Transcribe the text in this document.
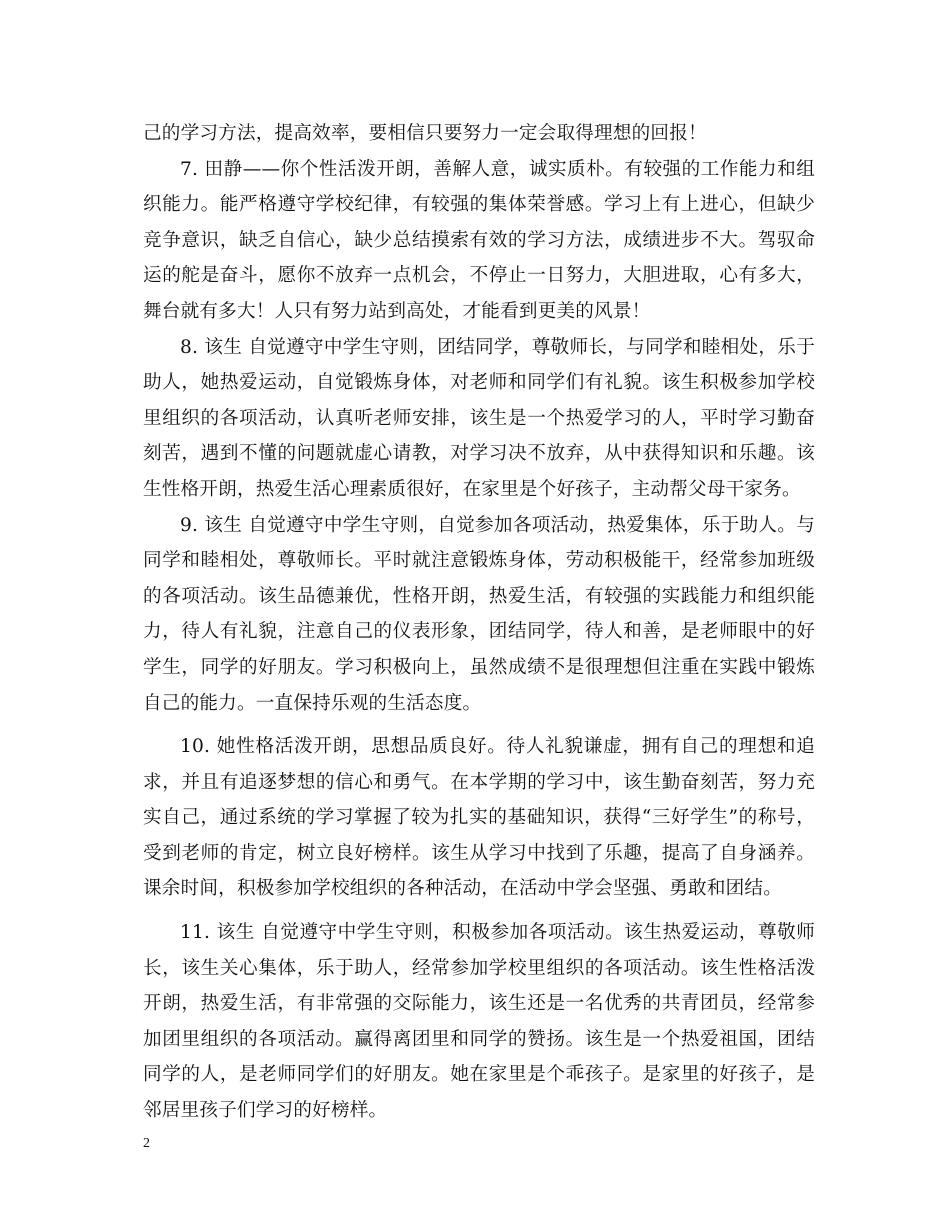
己的学习方法，提高效率，要相信只要努力一定会取得理想的回报！

7. 田静——你个性活泼开朗，善解人意，诚实质朴。有较强的工作能力和组织能力。能严格遵守学校纪律，有较强的集体荣誉感。学习上有上进心，但缺少竞争意识，缺乏自信心，缺少总结摸索有效的学习方法，成绩进步不大。驾驭命运的舵是奋斗，愿你不放弃一点机会，不停止一日努力，大胆进取，心有多大，舞台就有多大！人只有努力站到高处，才能看到更美的风景！

8. 该生 自觉遵守中学生守则，团结同学，尊敬师长，与同学和睦相处，乐于助人，她热爱运动，自觉锻炼身体，对老师和同学们有礼貌。该生积极参加学校里组织的各项活动，认真听老师安排，该生是一个热爱学习的人，平时学习勤奋刻苦，遇到不懂的问题就虚心请教，对学习决不放弃，从中获得知识和乐趣。该生性格开朗，热爱生活心理素质很好，在家里是个好孩子，主动帮父母干家务。

9. 该生 自觉遵守中学生守则，自觉参加各项活动，热爱集体，乐于助人。与同学和睦相处，尊敬师长。平时就注意锻炼身体，劳动积极能干，经常参加班级的各项活动。该生品德兼优，性格开朗，热爱生活，有较强的实践能力和组织能力，待人有礼貌，注意自己的仪表形象，团结同学，待人和善，是老师眼中的好学生，同学的好朋友。学习积极向上，虽然成绩不是很理想但注重在实践中锻炼自己的能力。一直保持乐观的生活态度。

10. 她性格活泼开朗，思想品质良好。待人礼貌谦虚，拥有自己的理想和追求，并且有追逐梦想的信心和勇气。在本学期的学习中，该生勤奋刻苦，努力充实自己，通过系统的学习掌握了较为扎实的基础知识，获得“三好学生”的称号，受到老师的肯定，树立良好榜样。该生从学习中找到了乐趣，提高了自身涵养。课余时间，积极参加学校组织的各种活动，在活动中学会坚强、勇敢和团结。

11. 该生 自觉遵守中学生守则，积极参加各项活动。该生热爱运动，尊敬师长，该生关心集体，乐于助人，经常参加学校里组织的各项活动。该生性格活泼开朗，热爱生活，有非常强的交际能力，该生还是一名优秀的共青团员，经常参加团里组织的各项活动。赢得离团里和同学的赞扬。该生是一个热爱祖国，团结同学的人，是老师同学们的好朋友。她在家里是个乖孩子。是家里的好孩子，是邻居里孩子们学习的好榜样。

2
